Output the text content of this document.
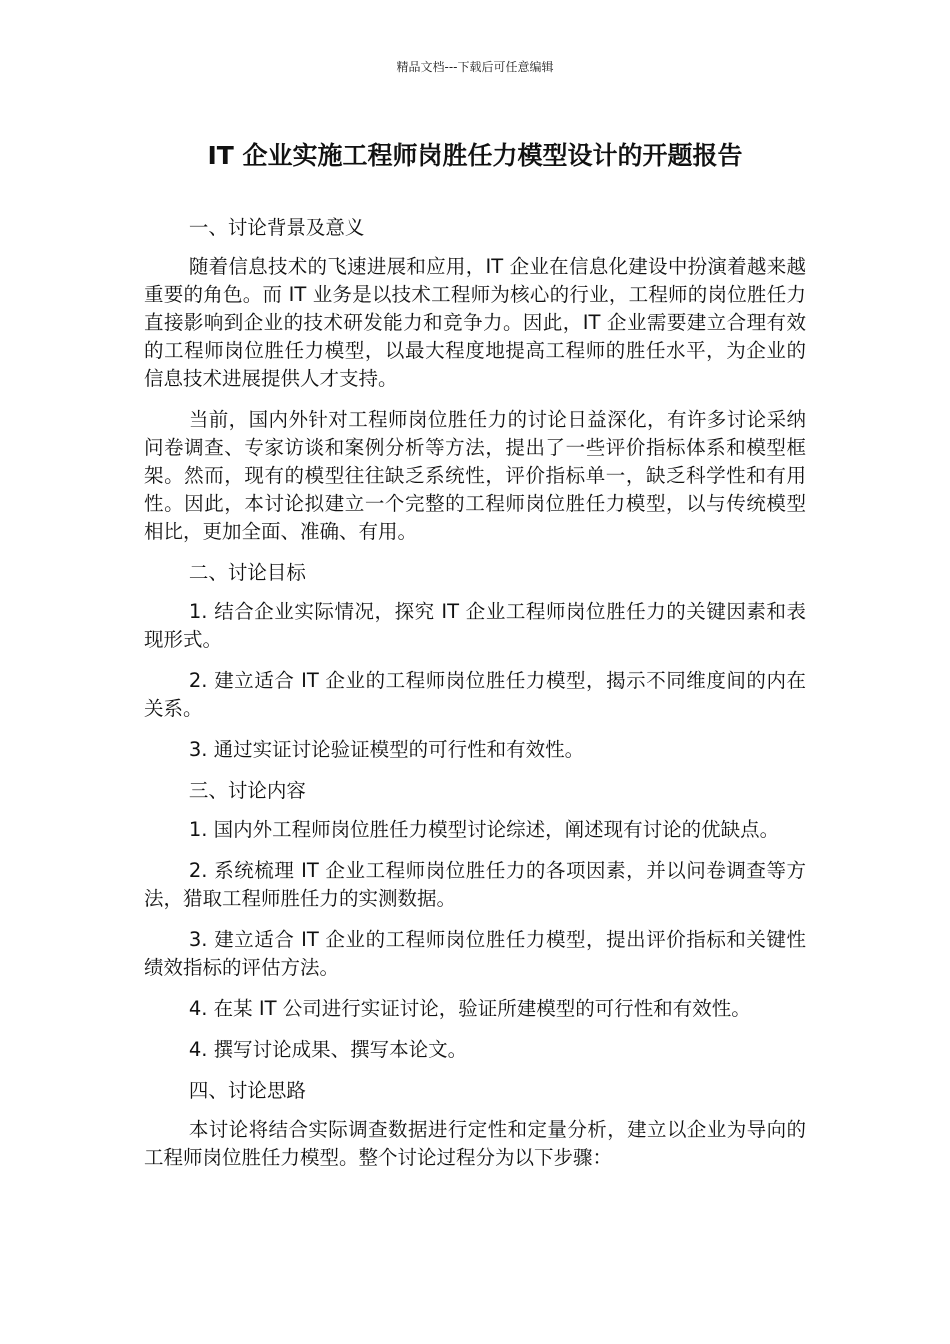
精品文档---下载后可任意编辑
IT 企业实施工程师岗胜任力模型设计的开题报告

一、讨论背景及意义

随着信息技术的飞速进展和应用，IT 企业在信息化建设中扮演着越来越重要的角色。而 IT 业务是以技术工程师为核心的行业，工程师的岗位胜任力直接影响到企业的技术研发能力和竞争力。因此，IT 企业需要建立合理有效的工程师岗位胜任力模型，以最大程度地提高工程师的胜任水平，为企业的信息技术进展提供人才支持。

当前，国内外针对工程师岗位胜任力的讨论日益深化，有许多讨论采纳问卷调查、专家访谈和案例分析等方法，提出了一些评价指标体系和模型框架。然而，现有的模型往往缺乏系统性，评价指标单一，缺乏科学性和有用性。因此，本讨论拟建立一个完整的工程师岗位胜任力模型，以与传统模型相比，更加全面、准确、有用。

二、讨论目标

1. 结合企业实际情况，探究 IT 企业工程师岗位胜任力的关键因素和表现形式。

2. 建立适合 IT 企业的工程师岗位胜任力模型，揭示不同维度间的内在关系。

3. 通过实证讨论验证模型的可行性和有效性。

三、讨论内容

1. 国内外工程师岗位胜任力模型讨论综述，阐述现有讨论的优缺点。

2. 系统梳理 IT 企业工程师岗位胜任力的各项因素，并以问卷调查等方法，猎取工程师胜任力的实测数据。

3. 建立适合 IT 企业的工程师岗位胜任力模型，提出评价指标和关键性绩效指标的评估方法。

4. 在某 IT 公司进行实证讨论，验证所建模型的可行性和有效性。

4. 撰写讨论成果、撰写本论文。

四、讨论思路

本讨论将结合实际调查数据进行定性和定量分析，建立以企业为导向的工程师岗位胜任力模型。整个讨论过程分为以下步骤：
